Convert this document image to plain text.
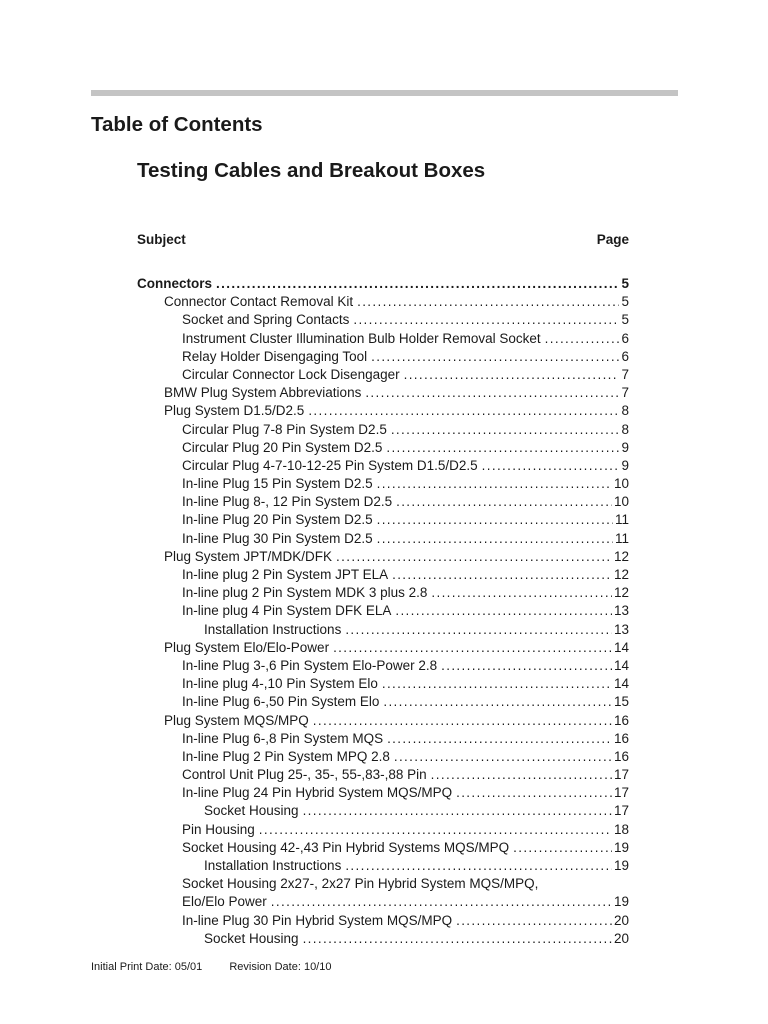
Table of Contents
Testing Cables and Breakout Boxes
Subject	Page
Connectors . . .	5
Connector Contact Removal Kit . . .	5
Socket and Spring Contacts . . .	5
Instrument Cluster Illumination Bulb Holder Removal Socket . . .	6
Relay Holder Disengaging Tool . . .	6
Circular Connector Lock Disengager . . .	7
BMW Plug System Abbreviations . . .	7
Plug System D1.5/D2.5 . . .	8
Circular Plug 7-8 Pin System D2.5 . . .	8
Circular Plug 20 Pin System D2.5 . . .	9
Circular Plug 4-7-10-12-25 Pin System D1.5/D2.5 . . .	9
In-line Plug 15 Pin System D2.5 . . .	10
In-line Plug 8-, 12 Pin System D2.5 . . .	10
In-line Plug 20 Pin System D2.5 . . .	11
In-line Plug 30 Pin System D2.5 . . .	11
Plug System JPT/MDK/DFK . . .	12
In-line plug 2 Pin System JPT ELA . . .	12
In-line plug 2 Pin System MDK 3 plus 2.8 . . .	12
In-line plug 4 Pin System DFK ELA . . .	13
Installation Instructions . . .	13
Plug System Elo/Elo-Power . . .	14
In-line Plug 3-,6 Pin System Elo-Power 2.8 . . .	14
In-line plug 4-,10 Pin System Elo . . .	14
In-line Plug 6-,50 Pin System Elo . . .	15
Plug System MQS/MPQ . . .	16
In-line Plug 6-,8 Pin System MQS . . .	16
In-line Plug 2 Pin System MPQ 2.8 . . .	16
Control Unit Plug 25-, 35-, 55-,83-,88 Pin . . .	17
In-line Plug 24 Pin Hybrid System MQS/MPQ . . .	17
Socket Housing . . .	17
Pin Housing . . .	18
Socket Housing 42-,43 Pin Hybrid Systems MQS/MPQ . . .	19
Installation Instructions . . .	19
Socket Housing 2x27-, 2x27 Pin Hybrid System MQS/MPQ,
Elo/Elo Power . . .	19
In-line Plug 30 Pin Hybrid System MQS/MPQ . . .	20
Socket Housing . . .	20
Initial Print Date: 05/01 Revision Date: 10/10
